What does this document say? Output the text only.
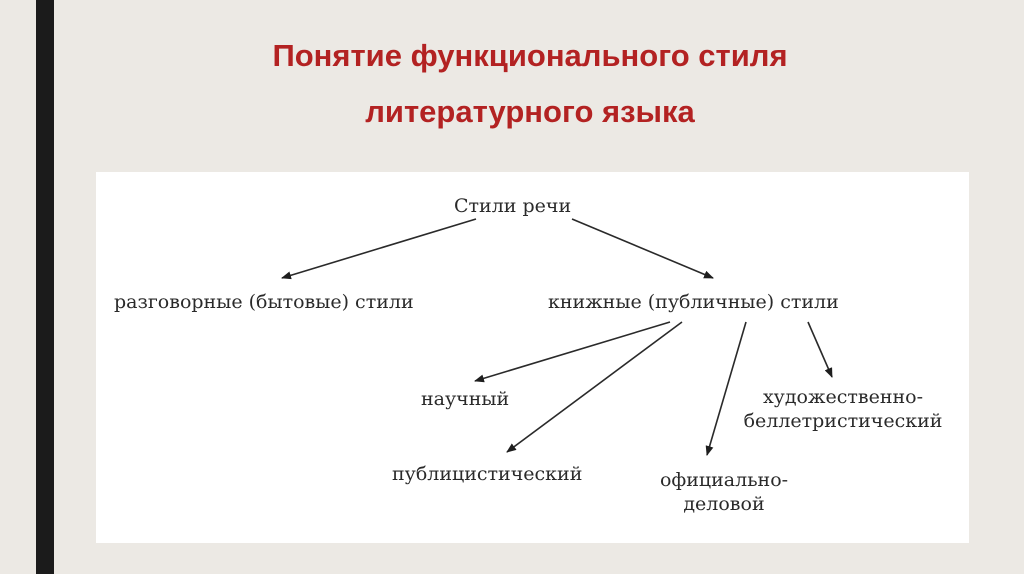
Понятие функционального стиля
литературного языка
Стили речи
разговорные (бытовые) стили	книжные (публичные) стили
научный
публицистический	официально-
деловой
художественно-
беллетристический
